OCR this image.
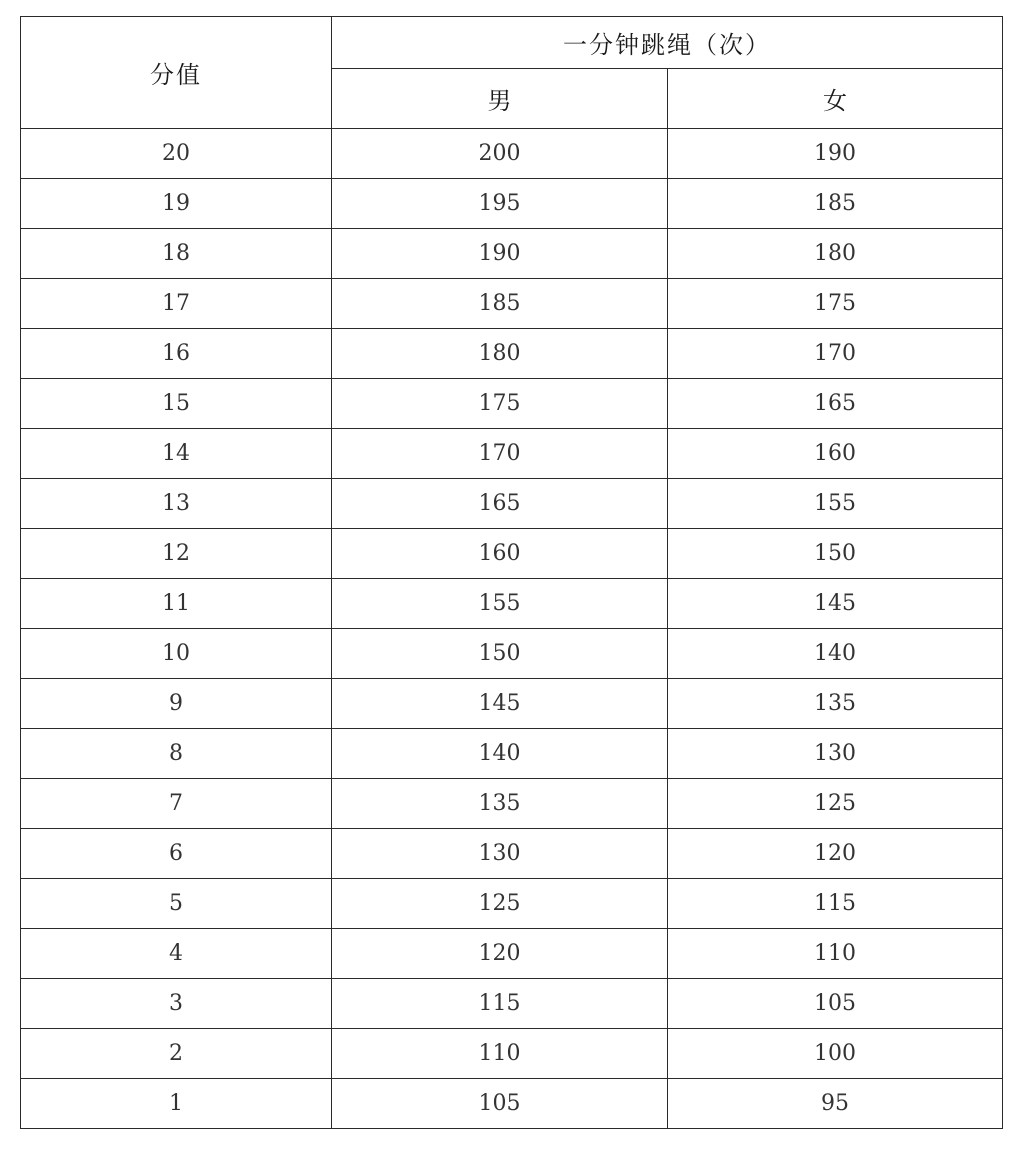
分值	一分钟跳绳（次）	
	男	女
20	200	190
19	195	185
18	190	180
17	185	175
16	180	170
15	175	165
14	170	160
13	165	155
12	160	150
11	155	145
10	150	140
9	145	135
8	140	130
7	135	125
6	130	120
5	125	115
4	120	110
3	115	105
2	110	100
1	105	95
